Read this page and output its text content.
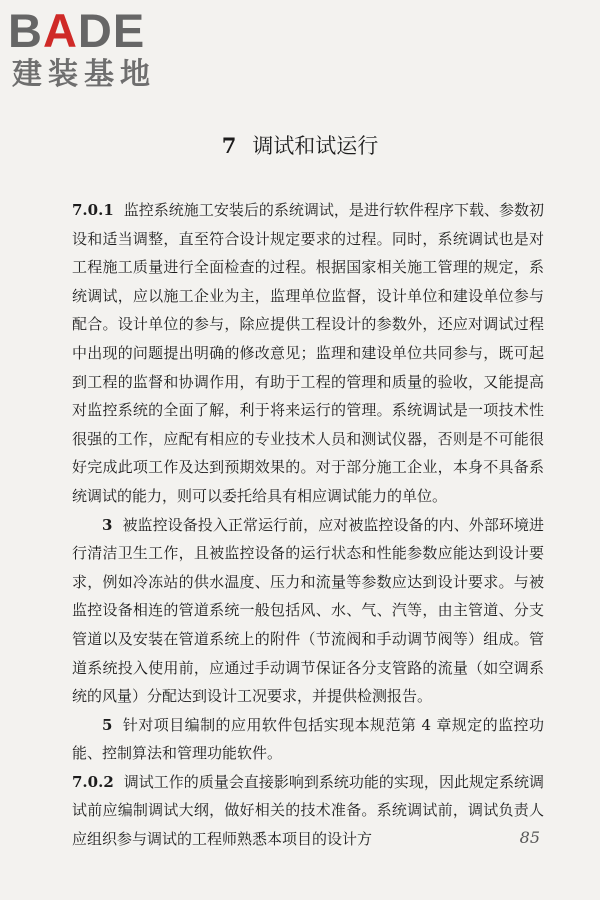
BADE
建装基地
7 调试和试运行

7.0.1 监控系统施工安装后的系统调试，是进行软件程序下载、参数初设和适当调整，直至符合设计规定要求的过程。同时，系统调试也是对工程施工质量进行全面检查的过程。根据国家相关施工管理的规定，系统调试，应以施工企业为主，监理单位监督，设计单位和建设单位参与配合。设计单位的参与，除应提供工程设计的参数外，还应对调试过程中出现的问题提出明确的修改意见；监理和建设单位共同参与，既可起到工程的监督和协调作用，有助于工程的管理和质量的验收，又能提高对监控系统的全面了解，利于将来运行的管理。系统调试是一项技术性很强的工作，应配有相应的专业技术人员和测试仪器，否则是不可能很好完成此项工作及达到预期效果的。对于部分施工企业，本身不具备系统调试的能力，则可以委托给具有相应调试能力的单位。

3 被监控设备投入正常运行前，应对被监控设备的内、外部环境进行清洁卫生工作，且被监控设备的运行状态和性能参数应能达到设计要求，例如冷冻站的供水温度、压力和流量等参数应达到设计要求。与被监控设备相连的管道系统一般包括风、水、气、汽等，由主管道、分支管道以及安装在管道系统上的附件（节流阀和手动调节阀等）组成。管道系统投入使用前，应通过手动调节保证各分支管路的流量（如空调系统的风量）分配达到设计工况要求，并提供检测报告。

5 针对项目编制的应用软件包括实现本规范第 4 章规定的监控功能、控制算法和管理功能软件。

7.0.2 调试工作的质量会直接影响到系统功能的实现，因此规定系统调试前应编制调试大纲，做好相关的技术准备。系统调试前，调试负责人应组织参与调试的工程师熟悉本项目的设计方	85
